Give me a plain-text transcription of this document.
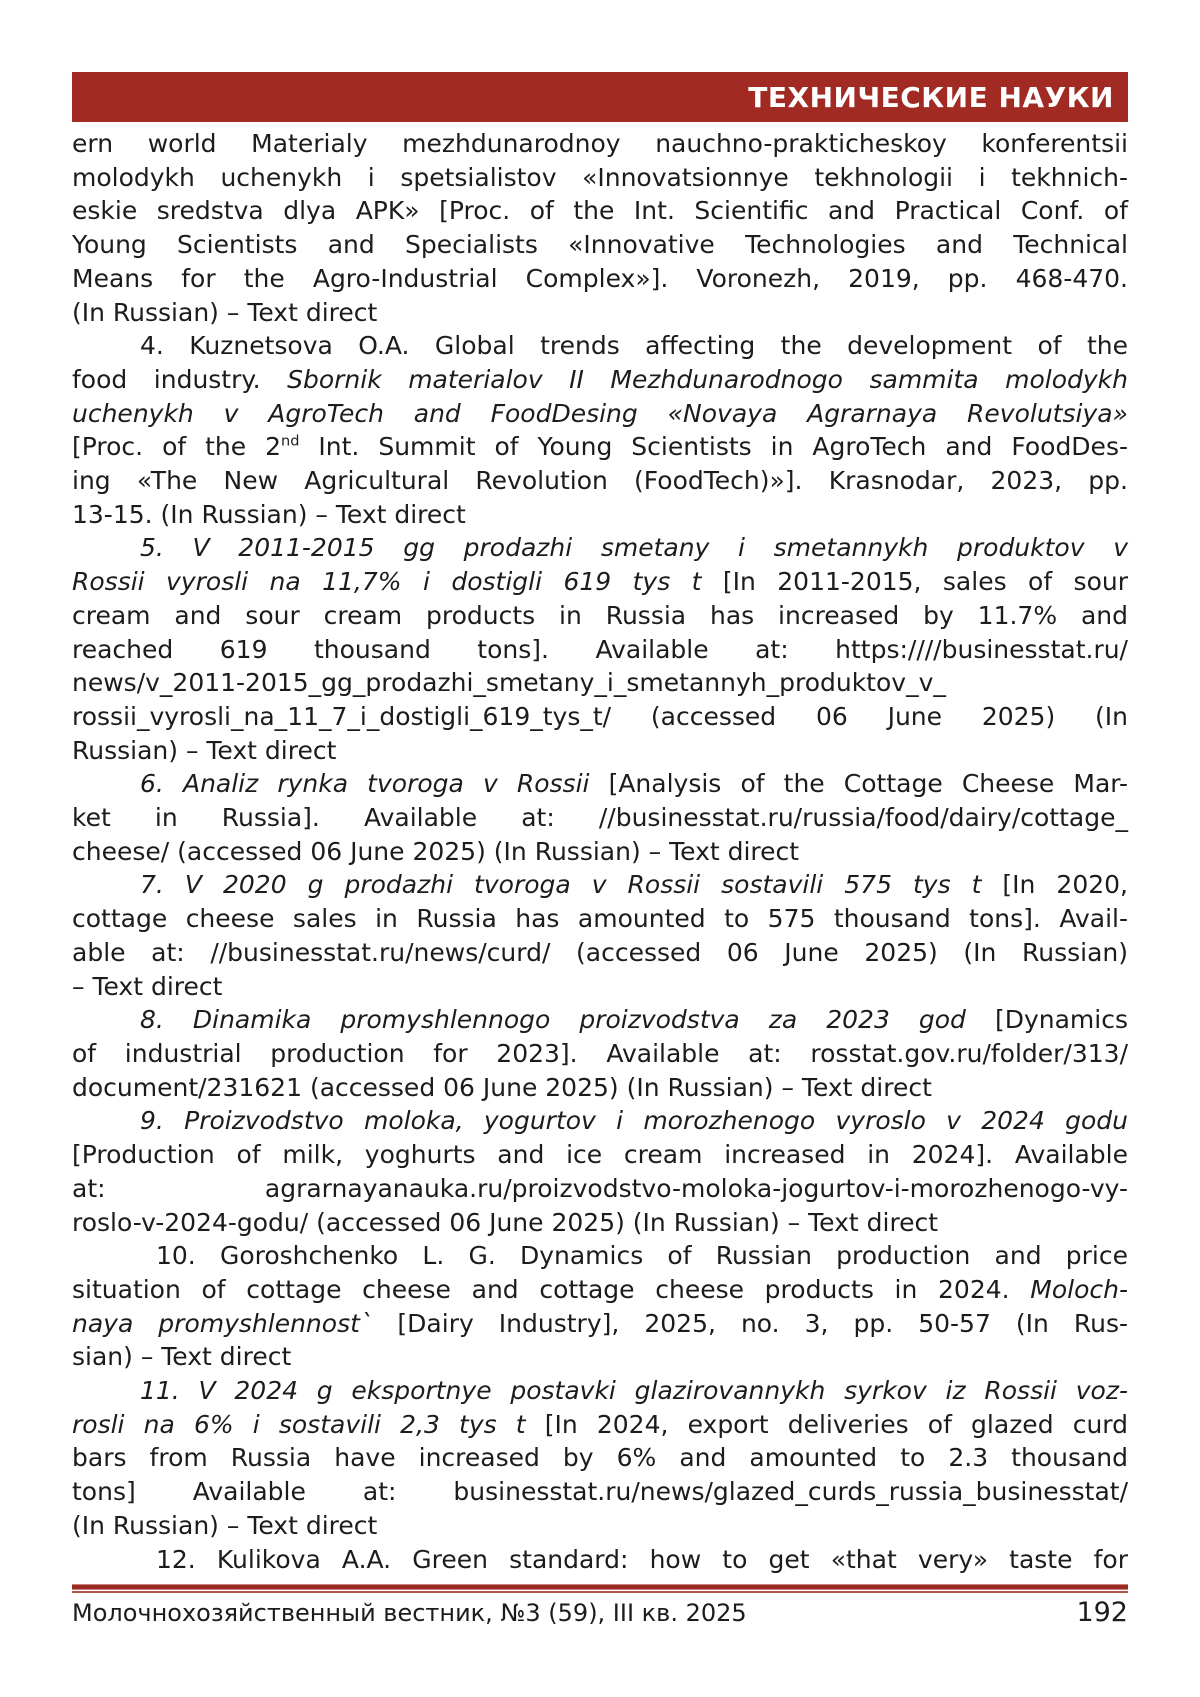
ТЕХНИЧЕСКИЕ НАУКИ
ern world Materialy mezhdunarodnoy nauchno-prakticheskoy konferentsii
molodykh uchenykh i spetsialistov «Innovatsionnye tekhnologii i tekhnich-
eskie sredstva dlya APK» [Proc. of the Int. Scientific and Practical Conf. of
Young Scientists and Specialists «Innovative Technologies and Technical
Means for the Agro-Industrial Complex»]. Voronezh, 2019, pp. 468-470.
(In Russian) – Text direct
4. Kuznetsova O.A. Global trends affecting the development of the
food industry. Sbornik materialov II Mezhdunarodnogo sammita molodykh
uchenykh v AgroTech and FoodDesing «Novaya Agrarnaya Revolutsiya»
[Proc. of the 2nd Int. Summit of Young Scientists in AgroTech and FoodDes-
ing «The New Agricultural Revolution (FoodTech)»]. Krasnodar, 2023, pp.
13-15. (In Russian) – Text direct
5. V 2011-2015 gg prodazhi smetany i smetannykh produktov v
Rossii vyrosli na 11,7% i dostigli 619 tys t [In 2011-2015, sales of sour
cream and sour cream products in Russia has increased by 11.7% and
reached 619 thousand tons]. Available at: https:////businesstat.ru/
news/v_2011-2015_gg_prodazhi_smetany_i_smetannyh_produktov_v_
rossii_vyrosli_na_11_7_i_dostigli_619_tys_t/ (accessed 06 June 2025) (In
Russian) – Text direct
6. Analiz rynka tvoroga v Rossii [Analysis of the Cottage Cheese Mar-
ket in Russia]. Available at: //businesstat.ru/russia/food/dairy/cottage_
cheese/ (accessed 06 June 2025) (In Russian) – Text direct
7. V 2020 g prodazhi tvoroga v Rossii sostavili 575 tys t [In 2020,
cottage cheese sales in Russia has amounted to 575 thousand tons]. Avail-
able at: //businesstat.ru/news/curd/ (accessed 06 June 2025) (In Russian)
– Text direct
8. Dinamika promyshlennogo proizvodstva za 2023 god [Dynamics
of industrial production for 2023]. Available at: rosstat.gov.ru/folder/313/
document/231621 (accessed 06 June 2025) (In Russian) – Text direct
9. Proizvodstvo moloka, yogurtov i morozhenogo vyroslo v 2024 godu
[Production of milk, yoghurts and ice cream increased in 2024]. Available
at: agrarnayanauka.ru/proizvodstvo-moloka-jogurtov-i-morozhenogo-vy-
roslo-v-2024-godu/ (accessed 06 June 2025) (In Russian) – Text direct
10. Goroshchenko L. G. Dynamics of Russian production and price
situation of cottage cheese and cottage cheese products in 2024. Moloch-
naya promyshlennost` [Dairy Industry], 2025, no. 3, pp. 50-57 (In Rus-
sian) – Text direct
11. V 2024 g eksportnye postavki glazirovannykh syrkov iz Rossii voz-
rosli na 6% i sostavili 2,3 tys t [In 2024, export deliveries of glazed curd
bars from Russia have increased by 6% and amounted to 2.3 thousand
tons] Available at: businesstat.ru/news/glazed_curds_russia_businesstat/
(In Russian) – Text direct
12. Kulikova A.A. Green standard: how to get «that very» taste for
Молочнохозяйственный вестник, №3 (59), III кв. 2025	192
